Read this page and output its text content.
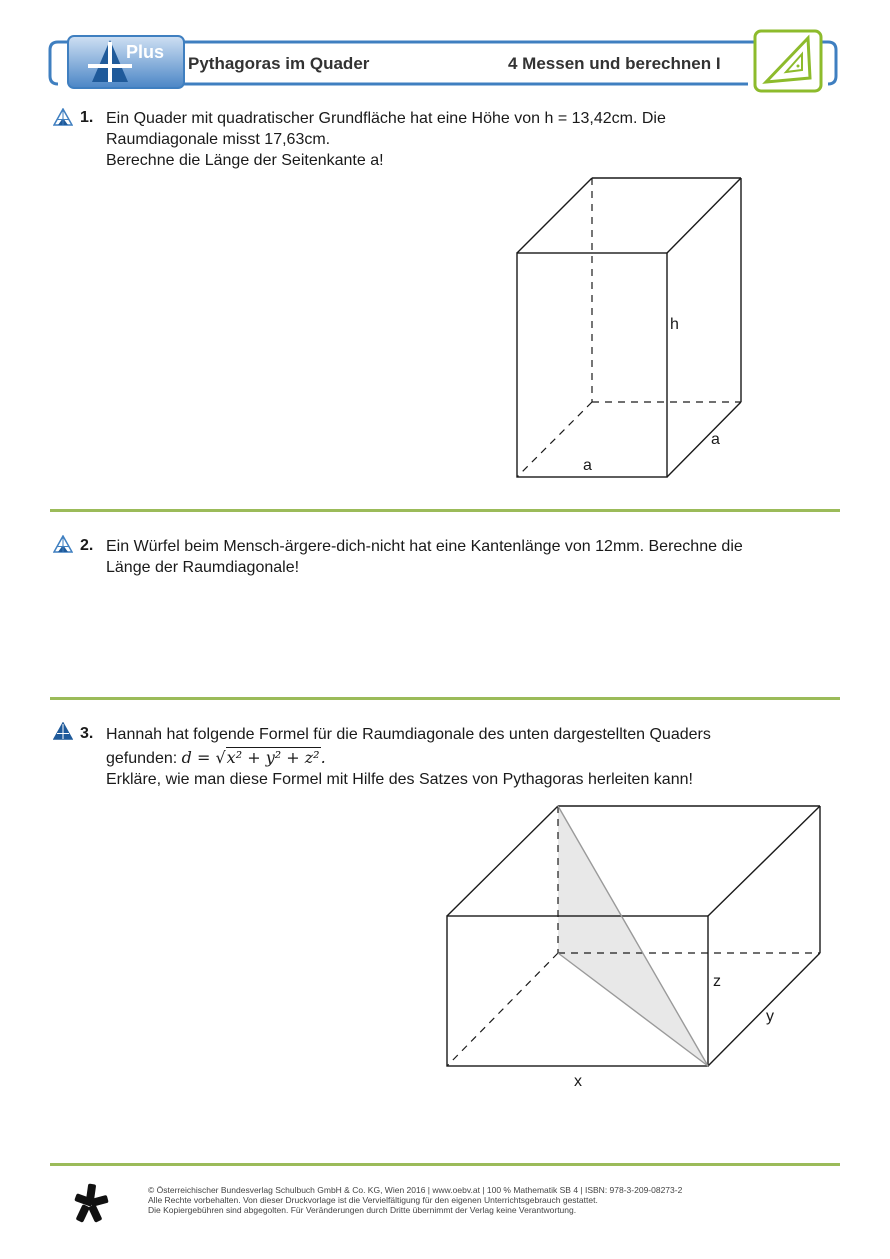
Plus
Pythagoras im Quader	4 Messen und berechnen I
1. Ein Quader mit quadratischer Grundfläche hat eine Höhe von h = 13,42cm. Die
Raumdiagonale misst 17,63cm.
Berechne die Länge der Seitenkante a!
h
a
a
2. Ein Würfel beim Mensch-ärgere-dich-nicht hat eine Kantenlänge von 12mm. Berechne die
Länge der Raumdiagonale!
3. Hannah hat folgende Formel für die Raumdiagonale des unten dargestellten Quaders
gefunden: d = √x² + y² + z².
Erkläre, wie man diese Formel mit Hilfe des Satzes von Pythagoras herleiten kann!
z
y
x
© Österreichischer Bundesverlag Schulbuch GmbH & Co. KG, Wien 2016 | www.oebv.at | 100 % Mathematik SB 4 | ISBN: 978-3-209-08273-2
Alle Rechte vorbehalten. Von dieser Druckvorlage ist die Vervielfältigung für den eigenen Unterrichtsgebrauch gestattet.
Die Kopiergebühren sind abgegolten. Für Veränderungen durch Dritte übernimmt der Verlag keine Verantwortung.
